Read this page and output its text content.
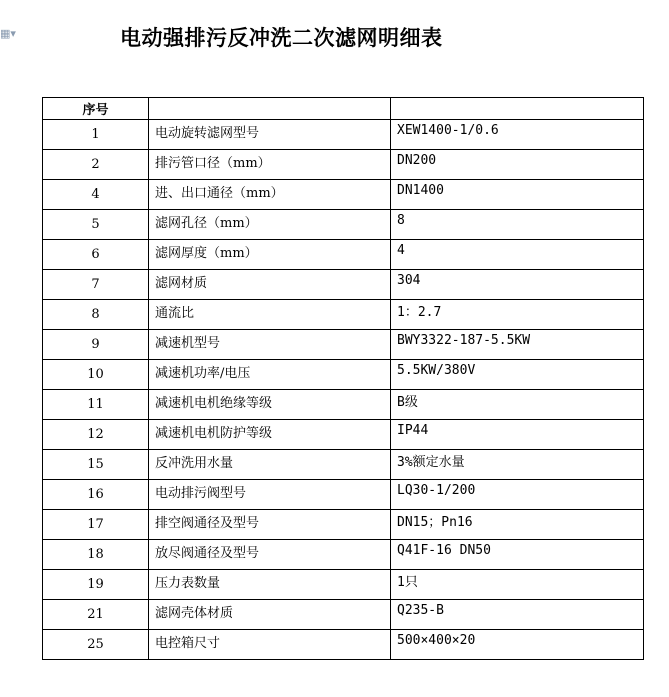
▦▾	电动强排污反冲洗二次滤网明细表
序号		
1	电动旋转滤网型号	XEW1400-1/0.6
2	排污管口径（mm）	DN200
4	进、出口通径（mm）	DN1400
5	滤网孔径（mm）	8
6	滤网厚度（mm）	4
7	滤网材质	304
8	通流比	1：2.7
9	减速机型号	BWY3322-187-5.5KW
10	减速机功率/电压	5.5KW/380V
11	减速机电机绝缘等级	B级
12	减速机电机防护等级	IP44
15	反冲洗用水量	3%额定水量
16	电动排污阀型号	LQ30-1/200
17	排空阀通径及型号	DN15；Pn16
18	放尽阀通径及型号	Q41F-16 DN50
19	压力表数量	1只
21	滤网壳体材质	Q235-B
25	电控箱尺寸	500×400×20
